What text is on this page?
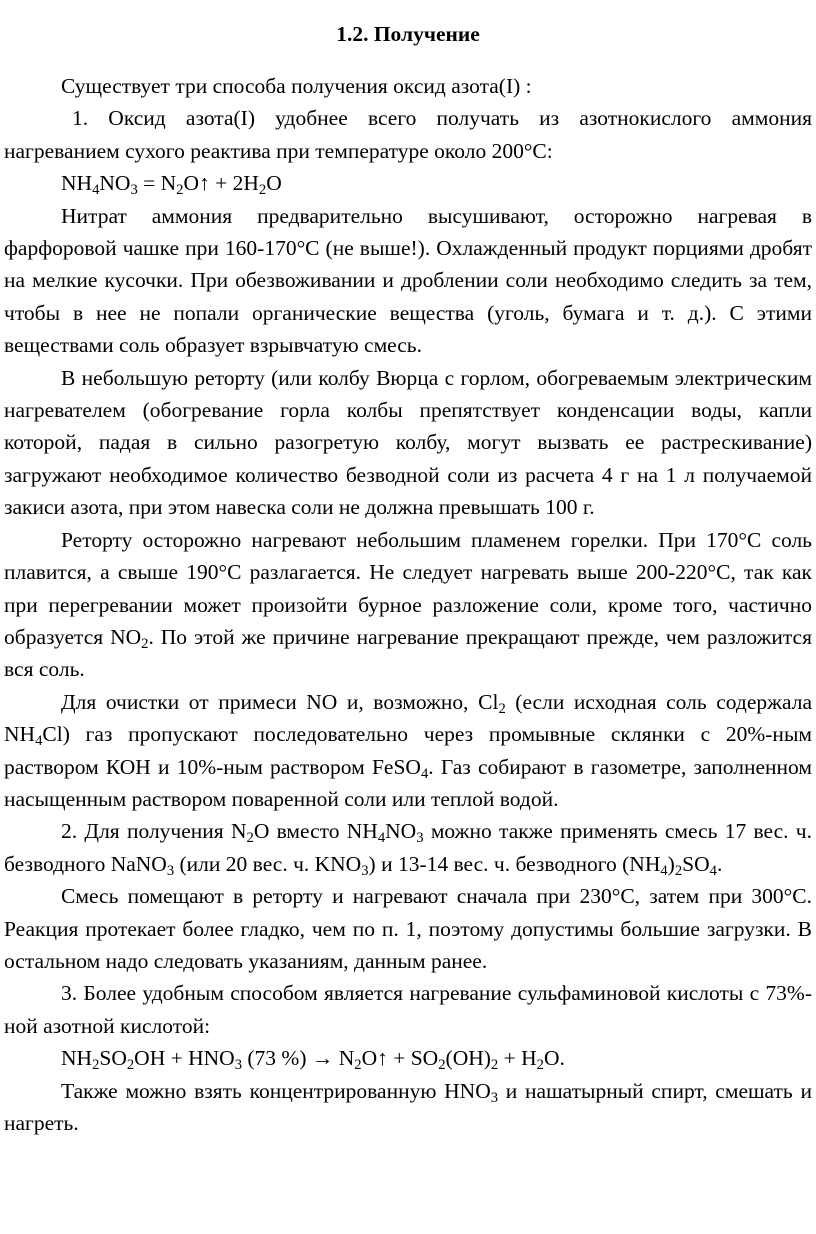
1.2. Получение

Существует три способа получения оксид азота(I) :

1. Оксид азота(I) удобнее всего получать из азотнокислого аммония нагреванием сухого реактива при температуре около 200°С:

$NH_4NO_3$ = $N_2O↑ + 2H_2O$

Нитрат аммония предварительно высушивают, осторожно нагревая в фарфоровой чашке при 160-170°С (не выше!). Охлажденный продукт порциями дробят на мелкие кусочки. При обезвоживании и дроблении соли необходимо следить за тем, чтобы в нее не попали органические вещества (уголь, бумага и т. д.). С этими веществами соль образует взрывчатую смесь.

В небольшую реторту (или колбу Вюрца с горлом, обогреваемым электрическим нагревателем (обогревание горла колбы препятствует конденсации воды, капли которой, падая в сильно разогретую колбу, могут вызвать ее растрескивание) загружают необходимое количество безводной соли из расчета 4 г на 1 л получаемой закиси азота, при этом навеска соли не должна превышать 100 г.

Реторту осторожно нагревают небольшим пламенем горелки. При 170°С соль плавится, а свыше 190°С разлагается. Не следует нагревать выше 200-220°С, так как при перегревании может произойти бурное разложение соли, кроме того, частично образуется $NO_2$. По этой же причине нагревание прекращают прежде, чем разложится вся соль.

Для очистки от примеси NO и, возможно, $Cl_2$ (если исходная соль содержала $NH_4Cl$) газ пропускают последовательно через промывные склянки с 20%-ным раствором КОН и 10%-ным раствором FeSO$_4$. Газ собирают в газометре, заполненном насыщенным раствором поваренной соли или теплой водой.

2. Для получения $N_2O$ вместо $NH_4NO_3$ можно также применять смесь 17 вес. ч. безводного NaNO$_3$ (или 20 вес. ч. $KNO_3$) и 13-14 вес. ч. безводного $(NH_4)_2SO_4$.

Смесь помещают в реторту и нагревают сначала при 230°С, затем при 300°С. Реакция протекает более гладко, чем по п. 1, поэтому допустимы большие загрузки. В остальном надо следовать указаниям, данным ранее.

3. Более удобным способом является нагревание сульфаминовой кислоты с 73%-ной азотной кислотой:

$NH_2SO_2OH + HNO_3$ (73 %) → $N_2O↑ + SO_2(OH)_2 + H_2O$.

Также можно взять концентрированную $HNO_3$ и нашатырный спирт, смешать и нагреть.
